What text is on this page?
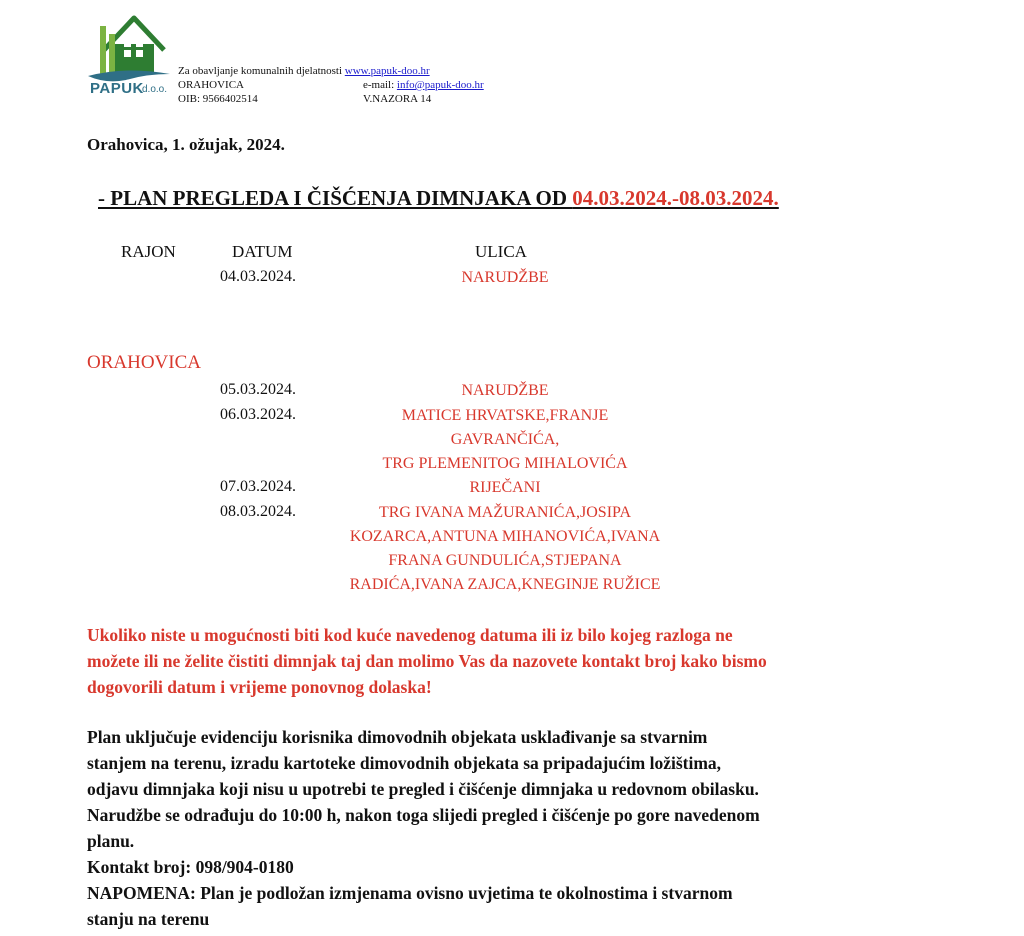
PAPUK
d.o.o.
Za obavljanje komunalnih djelatnosti www.papuk-doo.hr
ORAHOVICA
OIB: 9566402514
e-mail: info@papuk-doo.hr
V.NAZORA 14
Orahovica, 1. ožujak, 2024.
- PLAN PREGLEDA I ČIŠĆENJA DIMNJAKA OD 04.03.2024.-08.03.2024.
RAJON	DATUM	ULICA
04.03.2024.	NARUDŽBE
ORAHOVICA
05.03.2024.	NARUDŽBE
06.03.2024.	MATICE HRVATSKE,FRANJE
GAVRANČIĆA,
TRG PLEMENITOG MIHALOVIĆA
07.03.2024.	RIJEČANI
08.03.2024.	TRG IVANA MAŽURANIĆA,JOSIPA
KOZARCA,ANTUNA MIHANOVIĆA,IVANA
FRANA GUNDULIĆA,STJEPANA
RADIĆA,IVANA ZAJCA,KNEGINJE RUŽICE
Ukoliko niste u mogućnosti biti kod kuće navedenog datuma ili iz bilo kojeg razloga ne
možete ili ne želite čistiti dimnjak taj dan molimo Vas da nazovete kontakt broj kako bismo
dogovorili datum i vrijeme ponovnog dolaska!
Plan uključuje evidenciju korisnika dimovodnih objekata usklađivanje sa stvarnim
stanjem na terenu, izradu kartoteke dimovodnih objekata sa pripadajućim ložištima,
odjavu dimnjaka koji nisu u upotrebi te pregled i čišćenje dimnjaka u redovnom obilasku.
Narudžbe se odrađuju do 10:00 h, nakon toga slijedi pregled i čišćenje po gore navedenom
planu.
Kontakt broj: 098/904-0180
NAPOMENA: Plan je podložan izmjenama ovisno uvjetima te okolnostima i stvarnom
stanju na terenu
